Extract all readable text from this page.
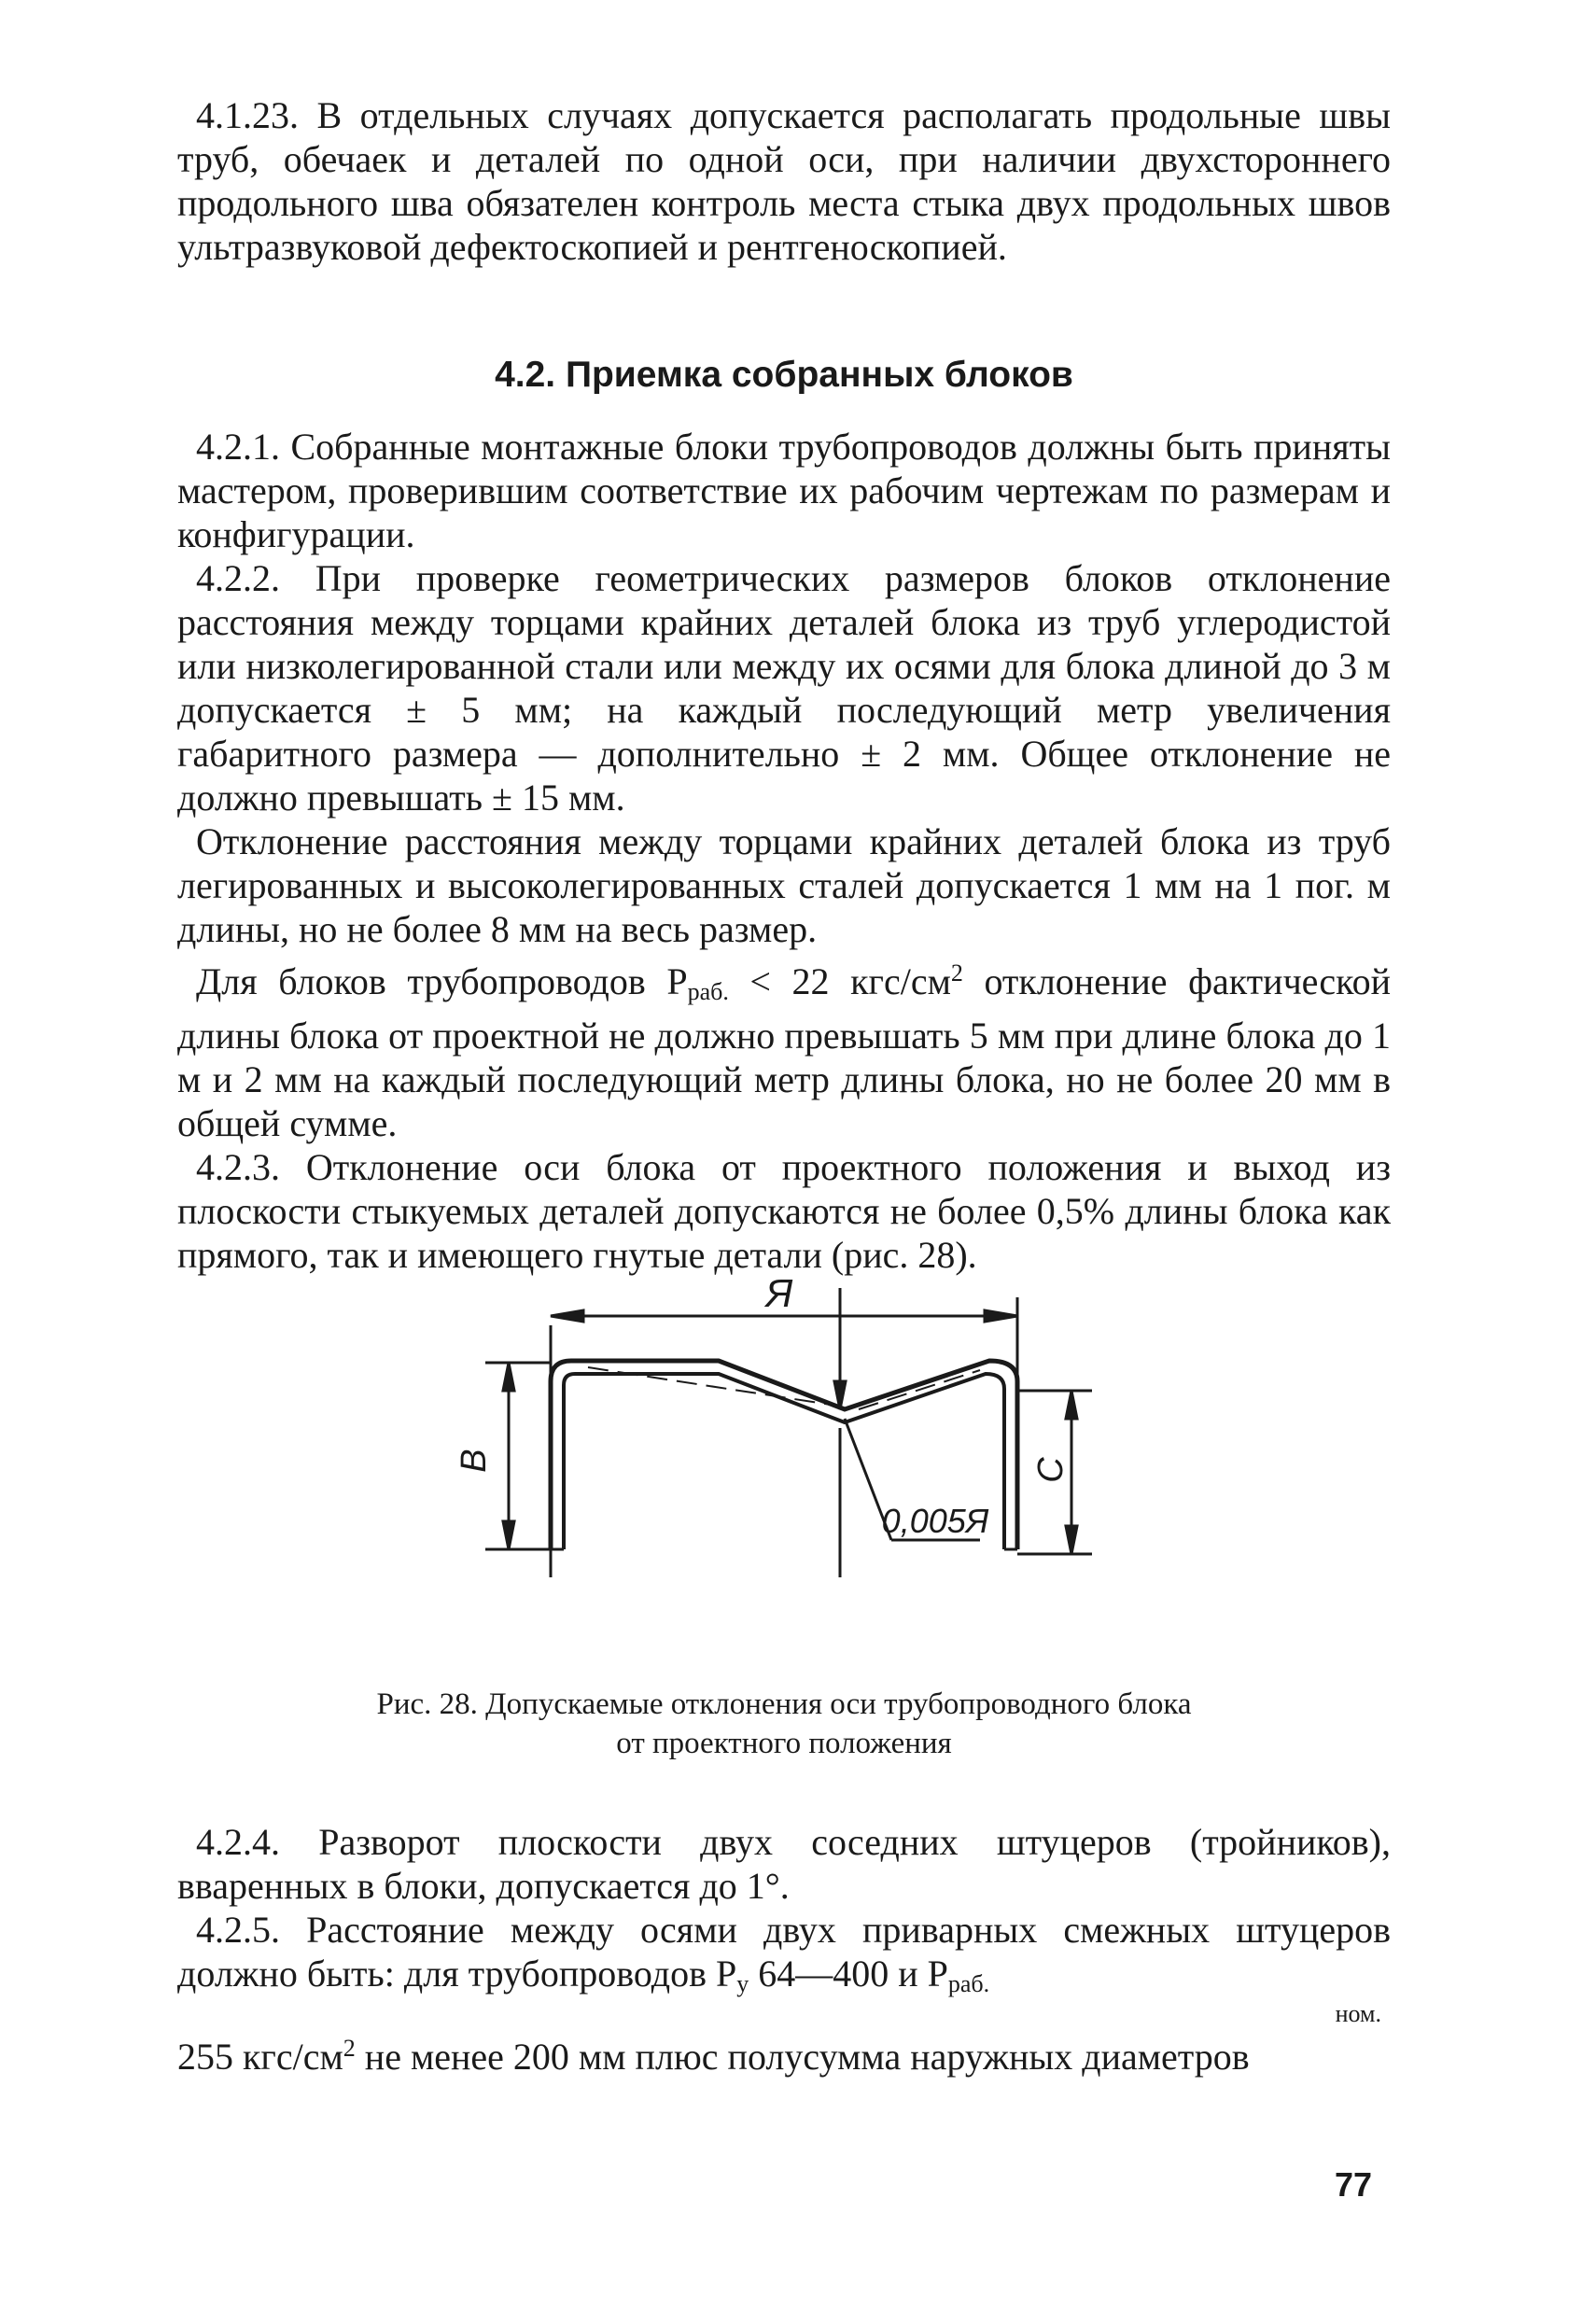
4.1.23. В отдельных случаях допускается располагать продольные швы труб, обечаек и деталей по одной оси, при наличии двухстороннего продольного шва обязателен контроль места стыка двух продольных швов ультразвуковой дефектоскопией и рентгеноскопией.

4.2. Приемка собранных блоков

4.2.1. Собранные монтажные блоки трубопроводов должны быть приняты мастером, проверившим соответствие их рабочим чертежам по размерам и конфигурации.

4.2.2. При проверке геометрических размеров блоков отклонение расстояния между торцами крайних деталей блока из труб углеродистой или низколегированной стали или между их осями для блока длиной до 3 м допускается ± 5 мм; на каждый последующий метр увеличения габаритного размера — дополнительно ± 2 мм. Общее отклонение не должно превышать ± 15 мм.

Отклонение расстояния между торцами крайних деталей блока из труб легированных и высоколегированных сталей допускается 1 мм на 1 пог. м длины, но не более 8 мм на весь размер.

Для блоков трубопроводов $P_{раб.} < 22$ кгс/$см^2$ отклонение фактической длины блока от проектной не должно превышать 5 мм при длине блока до 1 м и 2 мм на каждый последующий метр длины блока, но не более 20 мм в общей сумме.

4.2.3. Отклонение оси блока от проектного положения и выход из плоскости стыкуемых деталей допускаются не более 0,5% длины блока как прямого, так и имеющего гнутые детали (рис. 28).

Я
В	С
0,005Я
Рис. 28. Допускаемые отклонения оси трубопроводного блока от проектного положения

4.2.4. Разворот плоскости двух соседних штуцеров (тройников), вваренных в блоки, допускается до 1°.

4.2.5. Расстояние между осями двух приварных смежных штуцеров должно быть: для трубопроводов $P_у$ 64—400 и $P_{раб.}$
ном.

255 кгс/$см^2$ не менее 200 мм плюс полусумма наружных диаметров

77
